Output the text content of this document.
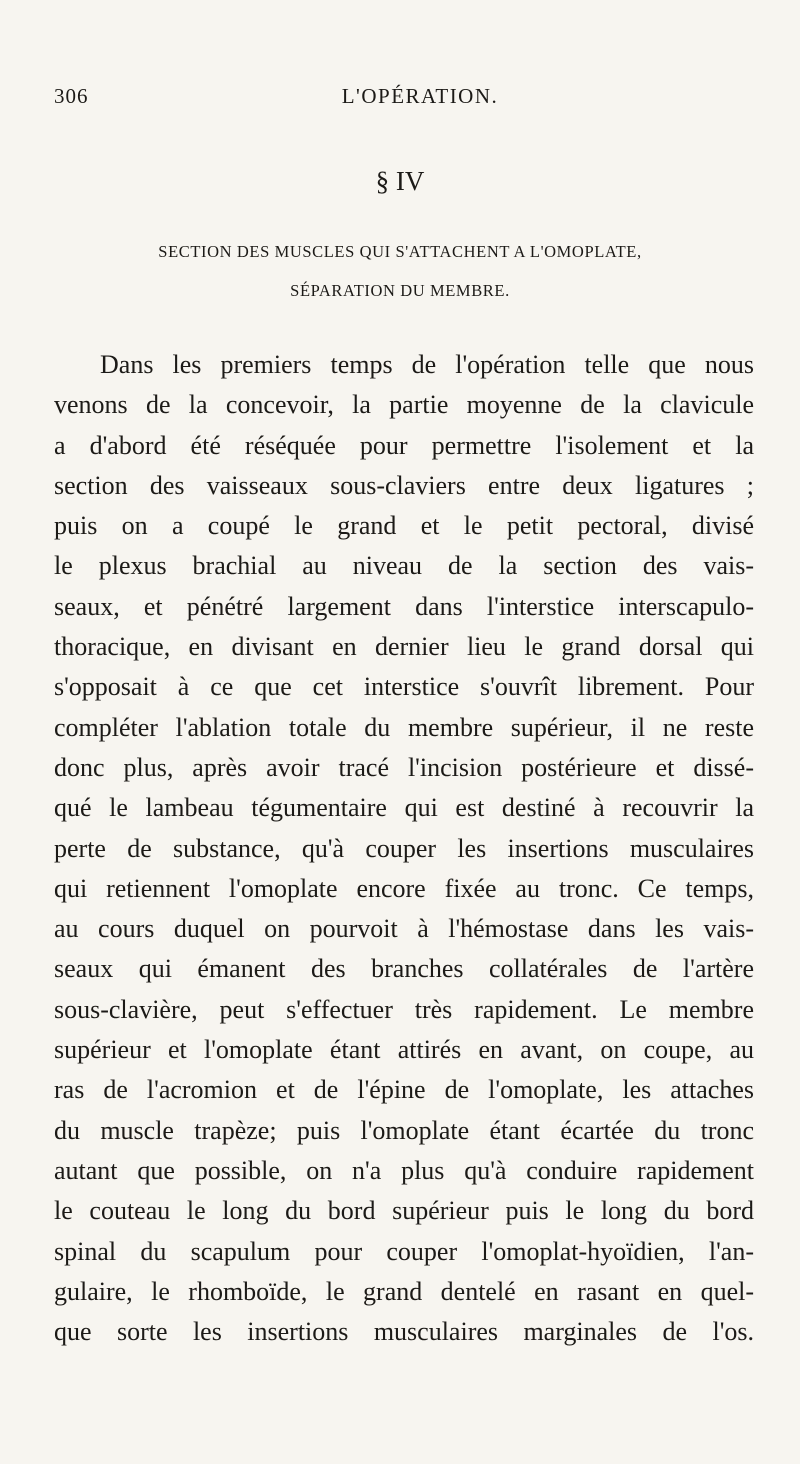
306	L'OPÉRATION.
§ IV
SECTION DES MUSCLES QUI S'ATTACHENT A L'OMOPLATE,
SÉPARATION DU MEMBRE.
Dans les premiers temps de l'opération telle que nous
venons de la concevoir, la partie moyenne de la clavicule
a d'abord été réséquée pour permettre l'isolement et la
section des vaisseaux sous-claviers entre deux ligatures ;
puis on a coupé le grand et le petit pectoral, divisé
le plexus brachial au niveau de la section des vais-
seaux, et pénétré largement dans l'interstice interscapulo-
thoracique, en divisant en dernier lieu le grand dorsal qui
s'opposait à ce que cet interstice s'ouvrît librement. Pour
compléter l'ablation totale du membre supérieur, il ne reste
donc plus, après avoir tracé l'incision postérieure et dissé-
qué le lambeau tégumentaire qui est destiné à recouvrir la
perte de substance, qu'à couper les insertions musculaires
qui retiennent l'omoplate encore fixée au tronc. Ce temps,
au cours duquel on pourvoit à l'hémostase dans les vais-
seaux qui émanent des branches collatérales de l'artère
sous-clavière, peut s'effectuer très rapidement. Le membre
supérieur et l'omoplate étant attirés en avant, on coupe, au
ras de l'acromion et de l'épine de l'omoplate, les attaches
du muscle trapèze; puis l'omoplate étant écartée du tronc
autant que possible, on n'a plus qu'à conduire rapidement
le couteau le long du bord supérieur puis le long du bord
spinal du scapulum pour couper l'omoplat-hyoïdien, l'an-
gulaire, le rhomboïde, le grand dentelé en rasant en quel-
que sorte les insertions musculaires marginales de l'os.
